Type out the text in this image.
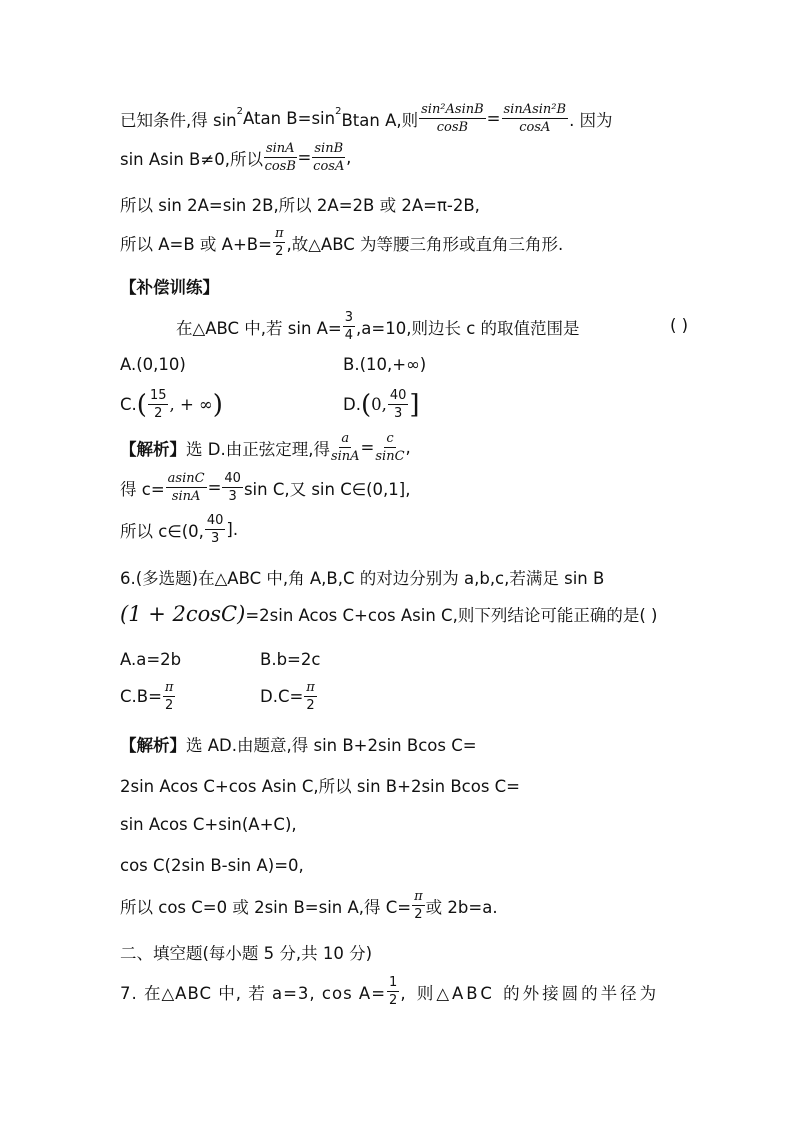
已知条件,得 sin 2 Atan B=sin 2 Btan A,则 $\frac{\text{sin²AsinB}}{\cos B} = \frac{\text{sinAsin²B}}{\cos A}$ . 因为
sin Asin B≠0,所以 $\frac{\sin A}{\cos B} = \frac{\sin B}{\cos A}$ ,
所以 sin 2A=sin 2B,所以 2A=2B 或 2A=π-2B,
所以 A=B 或 $A+B= \frac{\pi}{2}$ ,故△ABC 为等腰三角形或直角三角形.
【补偿训练】
在△ABC 中,若 $\sin A= \frac{3}{4} ,a=10$,则边长 c 的取值范围是	( )
A.(0,10)	B.(10,+∞)
C. ( $\frac{15}{2}$ , + ∞ )	D. ( 0, $\frac{40}{3}$ ]
【解析】 选 D.由正弦定理,得 $\frac{a}{\sin A} = \frac{c}{\sin C}$ ,
得 $c= \frac{asinC}{\sin A} = \frac{40}{3}$ sin C,又 sin C∈(0,1],
所以 c∈(0, $\frac{40}{3}$ ].
6.(多选题)在△ABC 中,角 A,B,C 的对边分别为 a,b,c,若满足 sin B
(1 + 2cosC) =2sin Acos C+cos Asin C,则下列结论可能正确的是( )
A.a=2b	B.b=2c
$C.B= \frac{\pi}{2}$	$D.C= \frac{\pi}{2}$
【解析】 选 AD.由题意,得 sin B+2sin Bcos C=
2sin Acos C+cos Asin C,所以 sin B+2sin Bcos C=
sin Acos C+sin(A+C),
cos C(2sin B-sin A)=0,
所以 cos C=0 或 2sin B=sin A,得 $C= \frac{\pi}{2}$ 或 2b=a.
二、填空题(每小题 5 分,共 10 分)
7. 在△ABC 中, 若 a=3, $\cos A= \frac{1}{2}$ , 则△ABC 的外接圆的半径为
